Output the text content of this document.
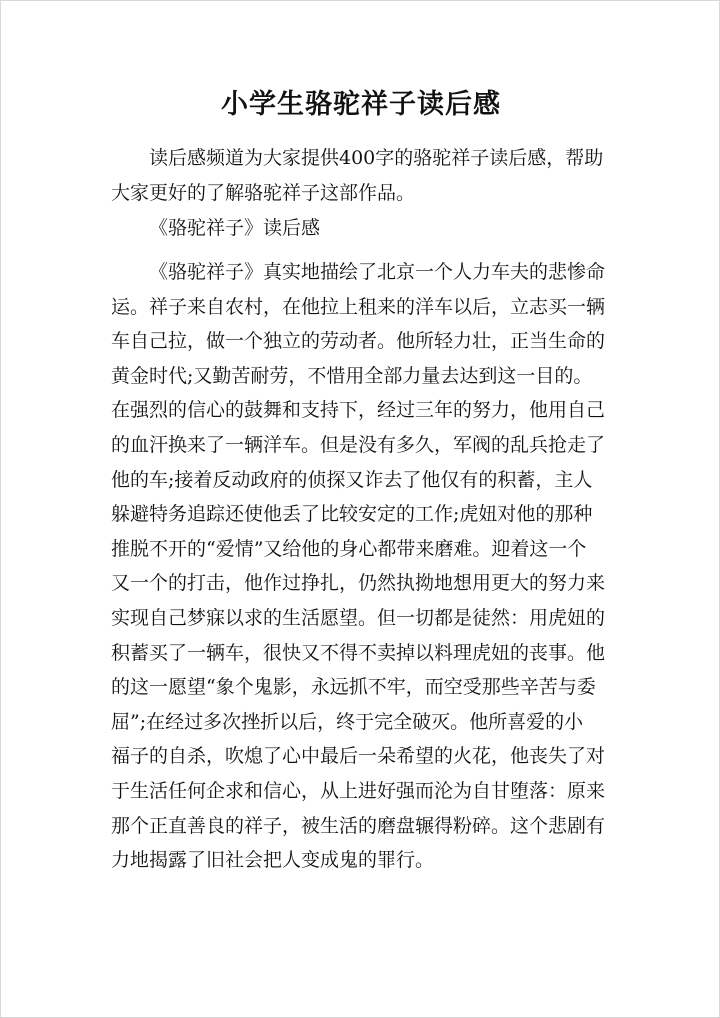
小学生骆驼祥子读后感
读后感频道为大家提供400字的骆驼祥子读后感，帮助
大家更好的了解骆驼祥子这部作品。
《骆驼祥子》读后感
《骆驼祥子》真实地描绘了北京一个人力车夫的悲惨命
运。祥子来自农村，在他拉上租来的洋车以后，立志买一辆
车自己拉，做一个独立的劳动者。他所轻力壮，正当生命的
黄金时代;又勤苦耐劳，不惜用全部力量去达到这一目的。
在强烈的信心的鼓舞和支持下，经过三年的努力，他用自己
的血汗换来了一辆洋车。但是没有多久，军阀的乱兵抢走了
他的车;接着反动政府的侦探又诈去了他仅有的积蓄，主人
躲避特务追踪还使他丢了比较安定的工作;虎妞对他的那种
推脱不开的“爱情”又给他的身心都带来磨难。迎着这一个
又一个的打击，他作过挣扎，仍然执拗地想用更大的努力来
实现自己梦寐以求的生活愿望。但一切都是徒然：用虎妞的
积蓄买了一辆车，很快又不得不卖掉以料理虎妞的丧事。他
的这一愿望“象个鬼影，永远抓不牢，而空受那些辛苦与委
屈”;在经过多次挫折以后，终于完全破灭。他所喜爱的小
福子的自杀，吹熄了心中最后一朵希望的火花，他丧失了对
于生活任何企求和信心，从上进好强而沦为自甘堕落：原来
那个正直善良的祥子，被生活的磨盘辗得粉碎。这个悲剧有
力地揭露了旧社会把人变成鬼的罪行。
